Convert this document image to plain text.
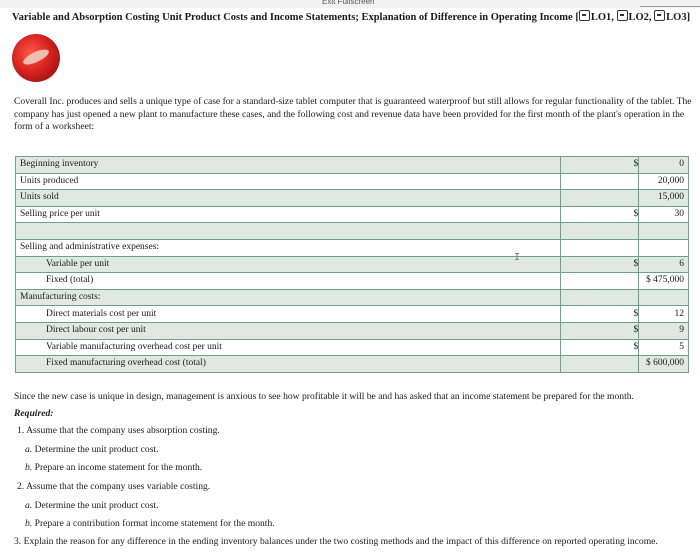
Exit Fullscreen
Variable and Absorption Costing Unit Product Costs and Income Statements; Explanation of Difference in Operating Income [ LO1, LO2, LO3]
Coverall Inc. produces and sells a unique type of case for a standard-size tablet computer that is guaranteed waterproof but still allows for regular functionality of the tablet. The company has just opened a new plant to manufacture these cases, and the following cost and revenue data have been provided for the first month of the plant's operation in the form of a worksheet:
Beginning inventory	$	0
Units produced		20,000
Units sold		15,000
Selling price per unit	$	30

Selling and administrative expenses:		
Variable per unit	$	6
Fixed (total)		$ 475,000
Manufacturing costs:		
Direct materials cost per unit	$	12
Direct labour cost per unit	$	9
Variable manufacturing overhead cost per unit	$	5
Fixed manufacturing overhead cost (total)		$ 600,000
I
Since the new case is unique in design, management is anxious to see how profitable it will be and has asked that an income statement be prepared for the month.
Required:
1. Assume that the company uses absorption costing.
a. Determine the unit product cost.
b. Prepare an income statement for the month.
2. Assume that the company uses variable costing.
a. Determine the unit product cost.
b. Prepare a contribution format income statement for the month.
3. Explain the reason for any difference in the ending inventory balances under the two costing methods and the impact of this difference on reported operating income.
